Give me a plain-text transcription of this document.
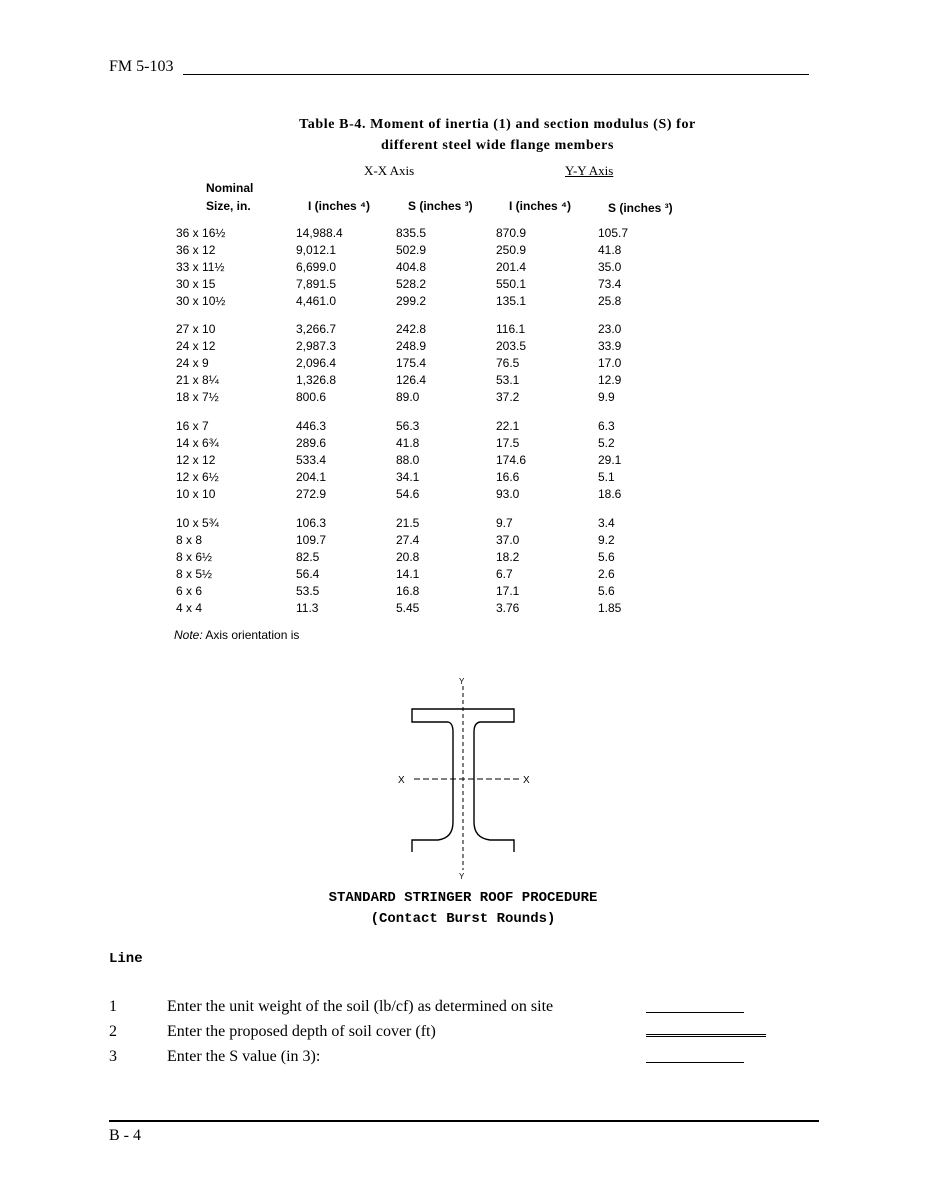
FM 5-103
Table B-4. Moment of inertia (1) and section modulus (S) for
different steel wide flange members
X-X Axis	Y-Y Axis
Nominal
Size, in.	I (inches ⁴)	S (inches ³)	I (inches ⁴)	S (inches ³)
36 x 16½	14,988.4	835.5	870.9	105.7
36 x 12	9,012.1	502.9	250.9	41.8
33 x 11½	6,699.0	404.8	201.4	35.0
30 x 15	7,891.5	528.2	550.1	73.4
30 x 10½	4,461.0	299.2	135.1	25.8
27 x 10	3,266.7	242.8	116.1	23.0
24 x 12	2,987.3	248.9	203.5	33.9
24 x 9	2,096.4	175.4	76.5	17.0
21 x 8¼	1,326.8	126.4	53.1	12.9
18 x 7½	800.6	89.0	37.2	9.9
16 x 7	446.3	56.3	22.1	6.3
14 x 6¾	289.6	41.8	17.5	5.2
12 x 12	533.4	88.0	174.6	29.1
12 x 6½	204.1	34.1	16.6	5.1
10 x 10	272.9	54.6	93.0	18.6
10 x 5¾	106.3	21.5	9.7	3.4
8 x 8	109.7	27.4	37.0	9.2
8 x 6½	82.5	20.8	18.2	5.6
8 x 5½	56.4	14.1	6.7	2.6
6 x 6	53.5	16.8	17.1	5.6
4 x 4	11.3	5.45	3.76	1.85
Note: Axis orientation is
Y
Y
X	X
STANDARD STRINGER ROOF PROCEDURE
(Contact Burst Rounds)
Line
1	Enter the unit weight of the soil (lb/cf) as determined on site
2	Enter the proposed depth of soil cover (ft)
3	Enter the S value (in 3):
B - 4
